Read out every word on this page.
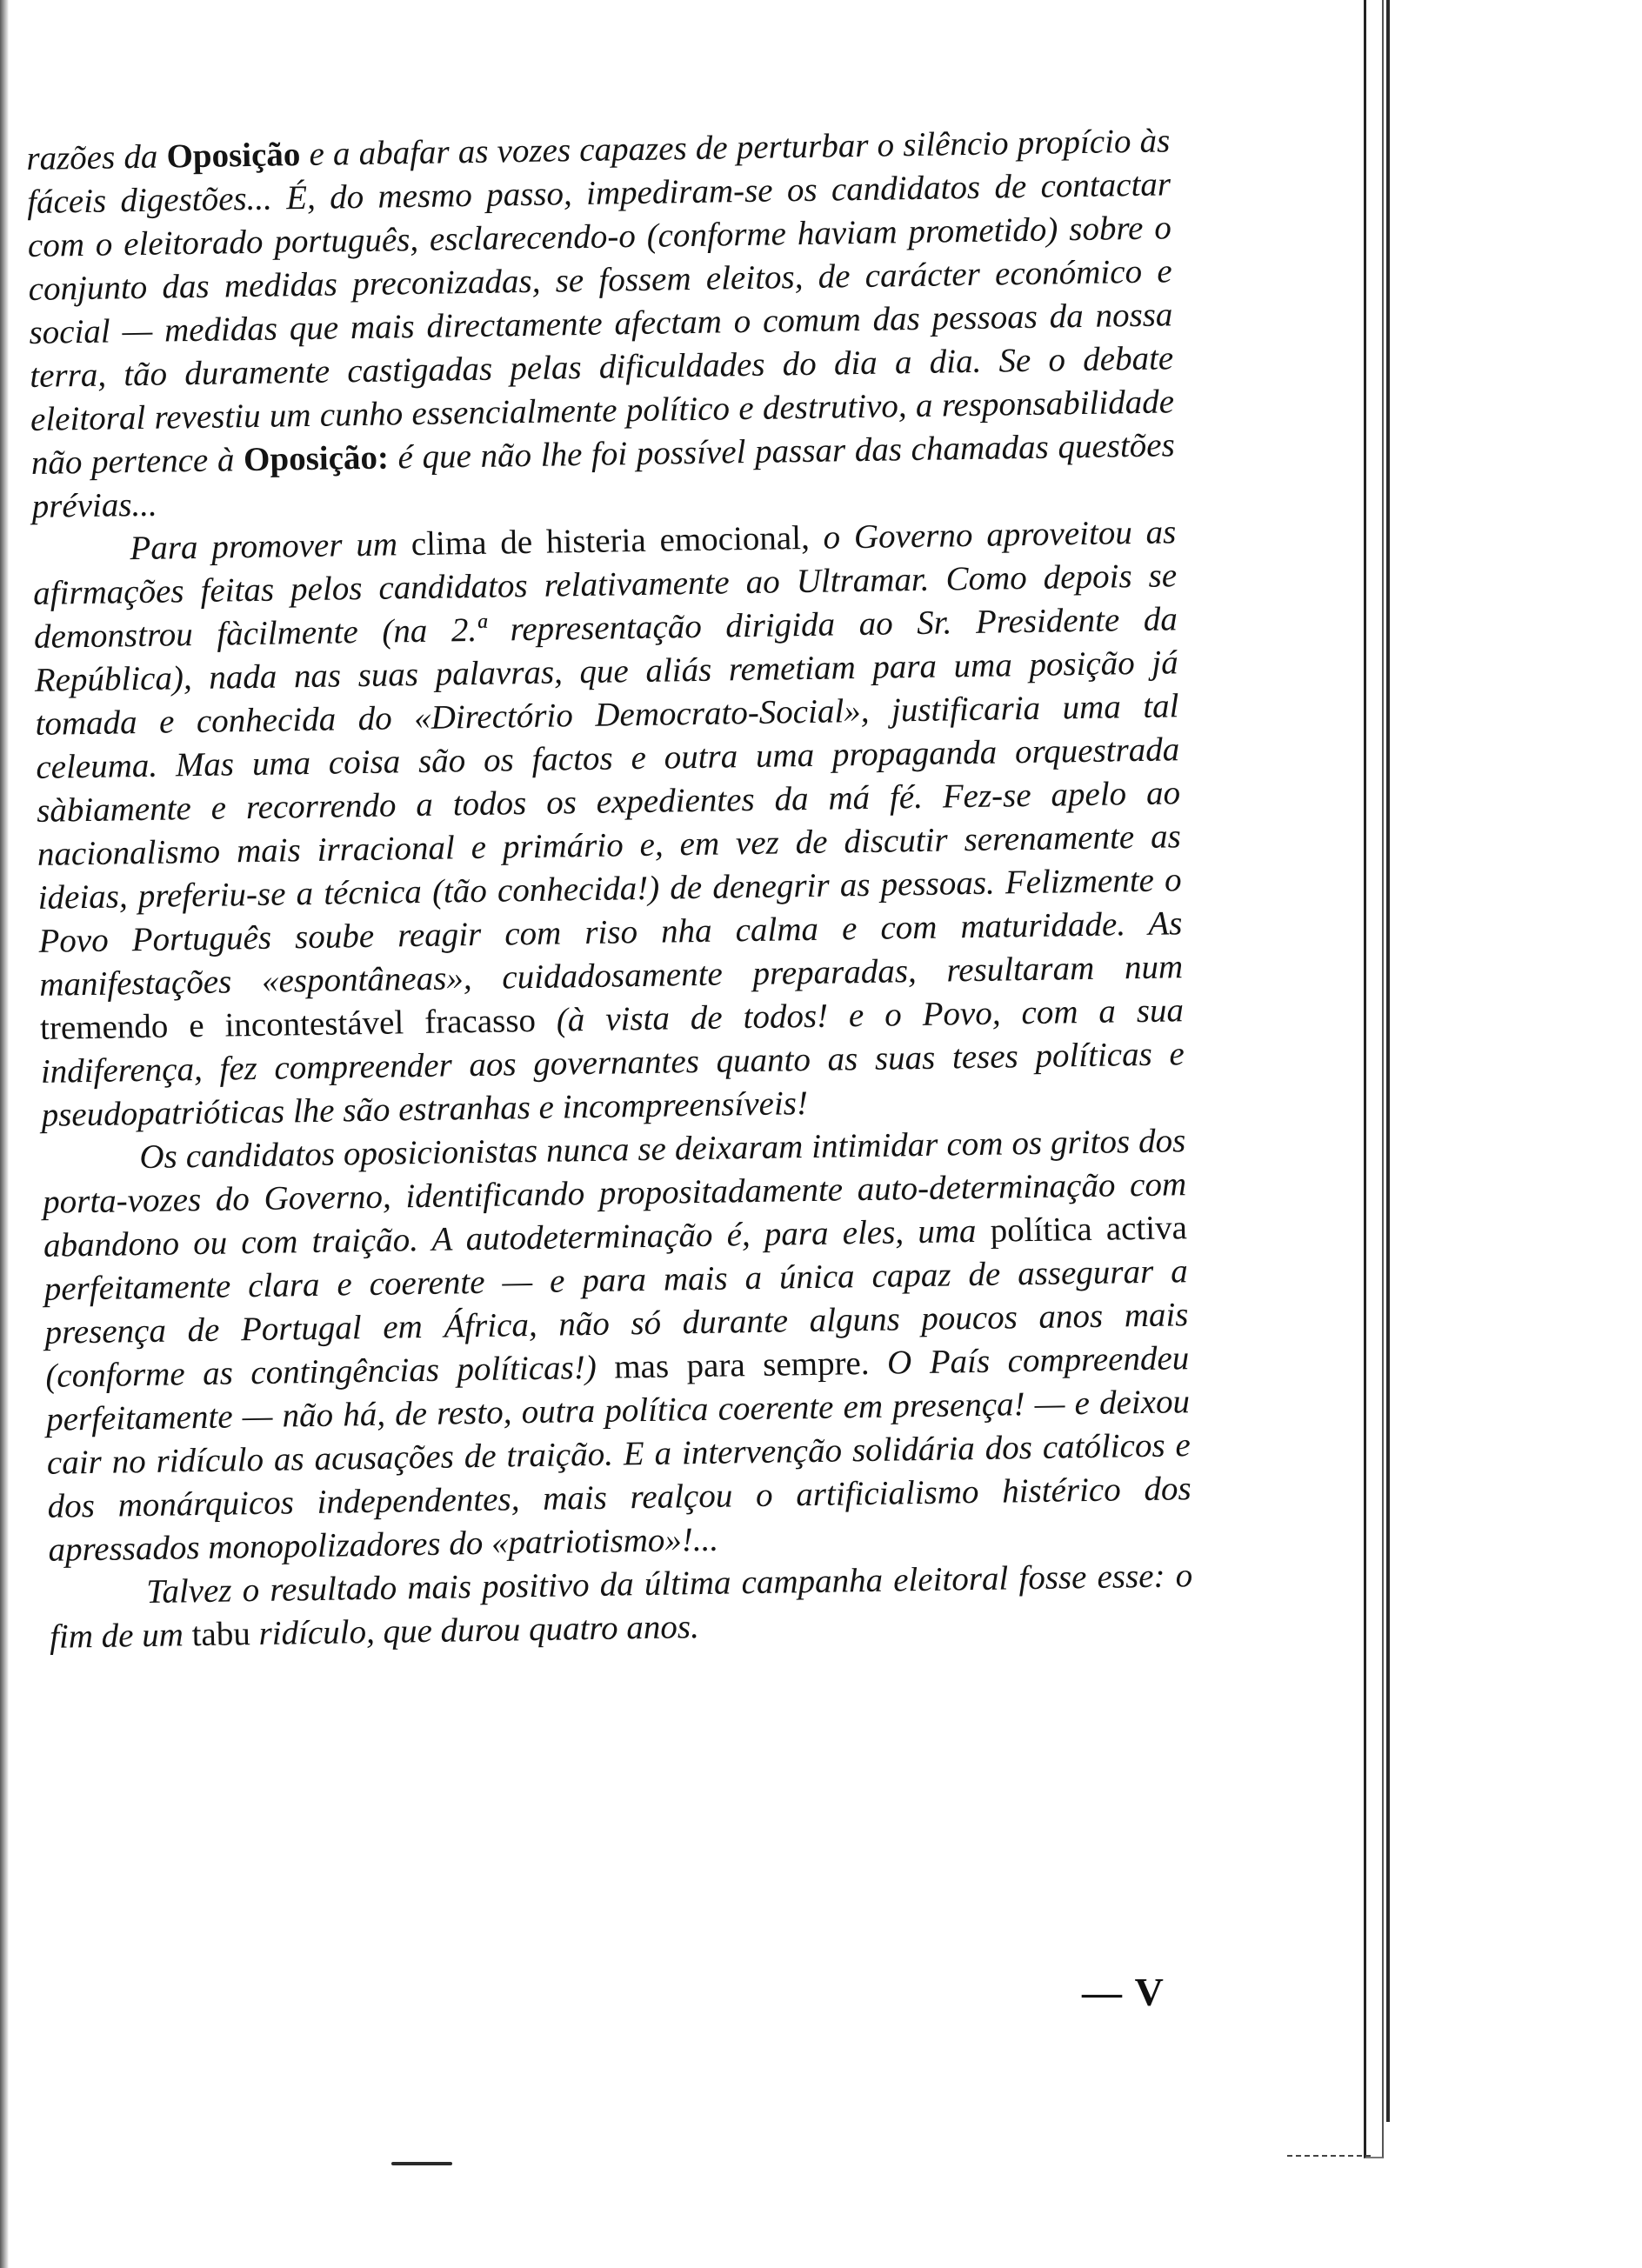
razões da Oposição e a abafar as vozes capazes de perturbar o silêncio propício às fáceis digestões... É, do mesmo passo, impediram-se os candidatos de contactar com o eleitorado português, esclarecendo-o (conforme haviam prometido) sobre o conjunto das medidas preconizadas, se fossem eleitos, de carácter económico e social — medidas que mais directamente afectam o comum das pessoas da nossa terra, tão duramente castigadas pelas dificuldades do dia a dia. Se o debate eleitoral revestiu um cunho essencialmente político e destrutivo, a responsabilidade não pertence à Oposição: é que não lhe foi possível passar das chamadas questões prévias...

Para promover um clima de histeria emocional, o Governo aproveitou as afirmações feitas pelos candidatos relativamente ao Ultramar. Como depois se demonstrou fàcilmente (na 2.ª representação dirigida ao Sr. Presidente da República), nada nas suas palavras, que aliás remetiam para uma posição já tomada e conhecida do «Directório Democrato-Social», justificaria uma tal celeuma. Mas uma coisa são os factos e outra uma propaganda orquestrada sàbiamente e recorrendo a todos os expedientes da má fé. Fez-se apelo ao nacionalismo mais irracional e primário e, em vez de discutir serenamente as ideias, preferiu-se a técnica (tão conhecida!) de denegrir as pessoas. Felizmente o Povo Português soube reagir com riso nha calma e com maturidade. As manifestações «espontâneas», cuidadosamente preparadas, resultaram num tremendo e incontestável fracasso (à vista de todos! e o Povo, com a sua indiferença, fez compreender aos governantes quanto as suas teses políticas e pseudopatrióticas lhe são estranhas e incompreensíveis!

Os candidatos oposicionistas nunca se deixaram intimidar com os gritos dos porta-vozes do Governo, identificando propositadamente auto-determinação com abandono ou com traição. A autodeterminação é, para eles, uma política activa perfeitamente clara e coerente — e para mais a única capaz de assegurar a presença de Portugal em África, não só durante alguns poucos anos mais (conforme as contingências políticas!) mas para sempre. O País compreendeu perfeitamente — não há, de resto, outra política coerente em presença! — e deixou cair no ridículo as acusações de traição. E a intervenção solidária dos católicos e dos monárquicos independentes, mais realçou o artificialismo histérico dos apressados monopolizadores do «patriotismo»!...

Talvez o resultado mais positivo da última campanha eleitoral fosse esse: o fim de um tabu ridículo, que durou quatro anos.

— V
